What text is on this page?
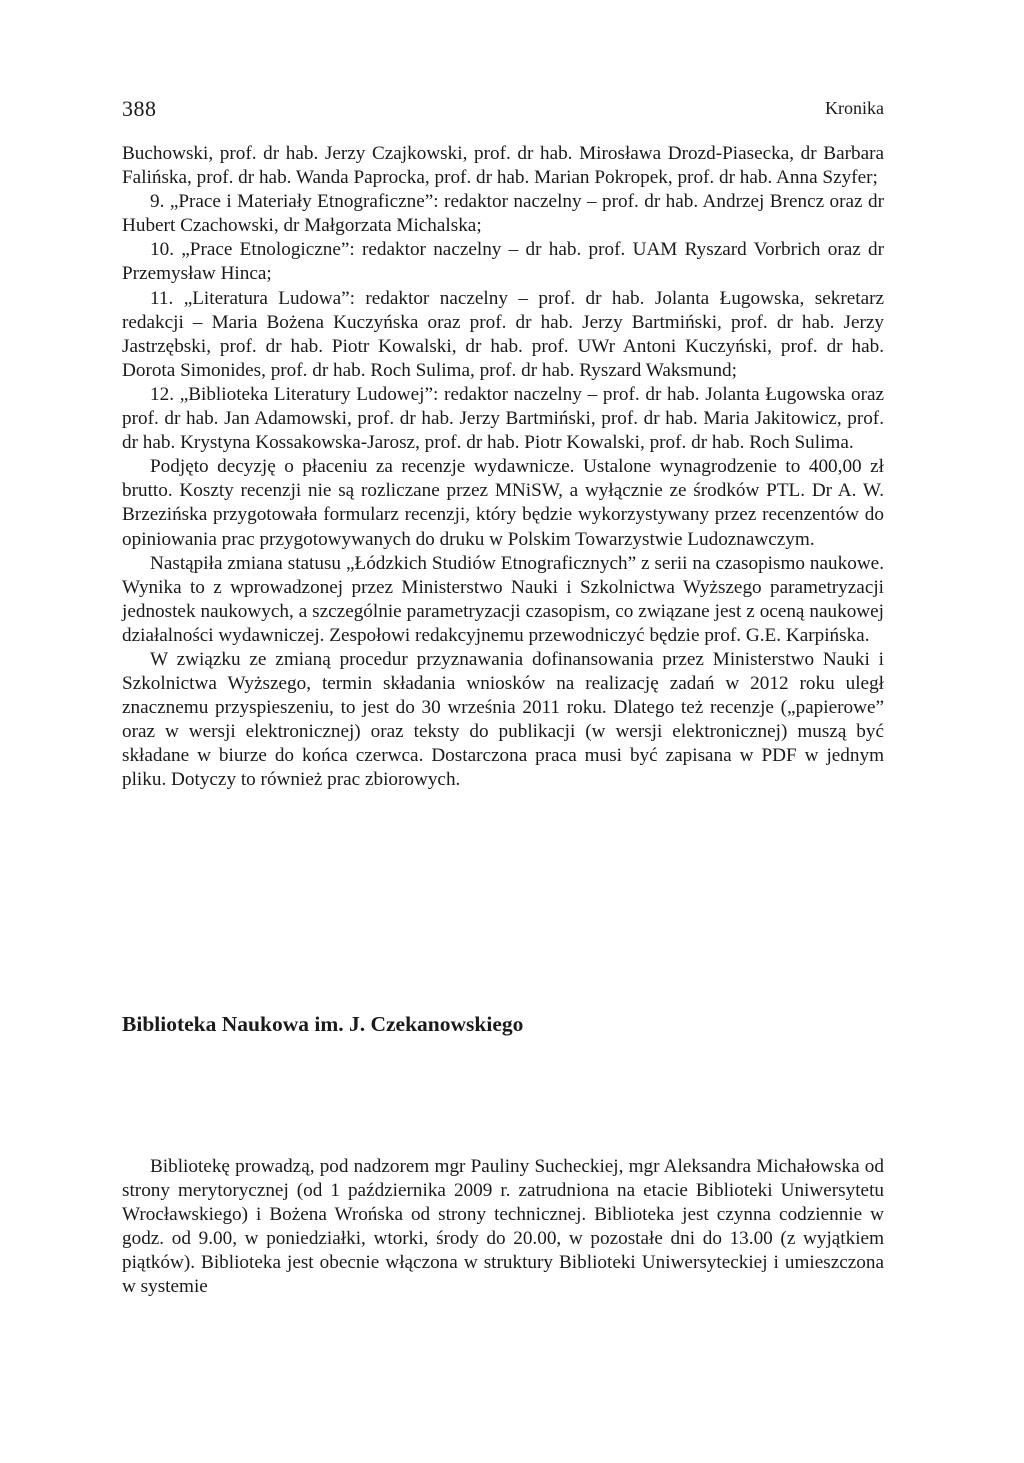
388	Kronika

Buchowski, prof. dr hab. Jerzy Czajkowski, prof. dr hab. Mirosława Drozd-Piasecka, dr Barbara Falińska, prof. dr hab. Wanda Paprocka, prof. dr hab. Marian Pokropek, prof. dr hab. Anna Szyfer;

9. „Prace i Materiały Etnograficzne”: redaktor naczelny – prof. dr hab. Andrzej Brencz oraz dr Hubert Czachowski, dr Małgorzata Michalska;

10. „Prace Etnologiczne”: redaktor naczelny – dr hab. prof. UAM Ryszard Vorbrich oraz dr Przemysław Hinca;

11. „Literatura Ludowa”: redaktor naczelny – prof. dr hab. Jolanta Ługowska, sekretarz redakcji – Maria Bożena Kuczyńska oraz prof. dr hab. Jerzy Bartmiński, prof. dr hab. Jerzy Jastrzębski, prof. dr hab. Piotr Kowalski, dr hab. prof. UWr Antoni Kuczyński, prof. dr hab. Dorota Simonides, prof. dr hab. Roch Sulima, prof. dr hab. Ryszard Waksmund;

12. „Biblioteka Literatury Ludowej”: redaktor naczelny – prof. dr hab. Jolanta Ługowska oraz prof. dr hab. Jan Adamowski, prof. dr hab. Jerzy Bartmiński, prof. dr hab. Maria Jakitowicz, prof. dr hab. Krystyna Kossakowska-Jarosz, prof. dr hab. Piotr Kowalski, prof. dr hab. Roch Sulima.

Podjęto decyzję o płaceniu za recenzje wydawnicze. Ustalone wynagrodzenie to 400,00 zł brutto. Koszty recenzji nie są rozliczane przez MNiSW, a wyłącznie ze środków PTL. Dr A. W. Brzezińska przygotowała formularz recenzji, który będzie wykorzystywany przez recenzentów do opiniowania prac przygotowywanych do druku w Polskim Towarzystwie Ludoznawczym.

Nastąpiła zmiana statusu „Łódzkich Studiów Etnograficznych” z serii na czasopismo naukowe. Wynika to z wprowadzonej przez Ministerstwo Nauki i Szkolnictwa Wyższego parametryzacji jednostek naukowych, a szczególnie parametryzacji czasopism, co związane jest z oceną naukowej działalności wydawniczej. Zespołowi redakcyjnemu przewodniczyć będzie prof. G.E. Karpińska.

W związku ze zmianą procedur przyznawania dofinansowania przez Ministerstwo Nauki i Szkolnictwa Wyższego, termin składania wniosków na realizację zadań w 2012 roku uległ znacznemu przyspieszeniu, to jest do 30 września 2011 roku. Dlatego też recenzje („papierowe” oraz w wersji elektronicznej) oraz teksty do publikacji (w wersji elektronicznej) muszą być składane w biurze do końca czerwca. Dostarczona praca musi być zapisana w PDF w jednym pliku. Dotyczy to również prac zbiorowych.

Biblioteka Naukowa im. J. Czekanowskiego

Bibliotekę prowadzą, pod nadzorem mgr Pauliny Sucheckiej, mgr Aleksandra Michałowska od strony merytorycznej (od 1 października 2009 r. zatrudniona na etacie Biblioteki Uniwersytetu Wrocławskiego) i Bożena Wrońska od strony technicznej. Biblioteka jest czynna codziennie w godz. od 9.00, w poniedziałki, wtorki, środy do 20.00, w pozostałe dni do 13.00 (z wyjątkiem piątków). Biblioteka jest obecnie włączona w struktury Biblioteki Uniwersyteckiej i umieszczona w systemie
